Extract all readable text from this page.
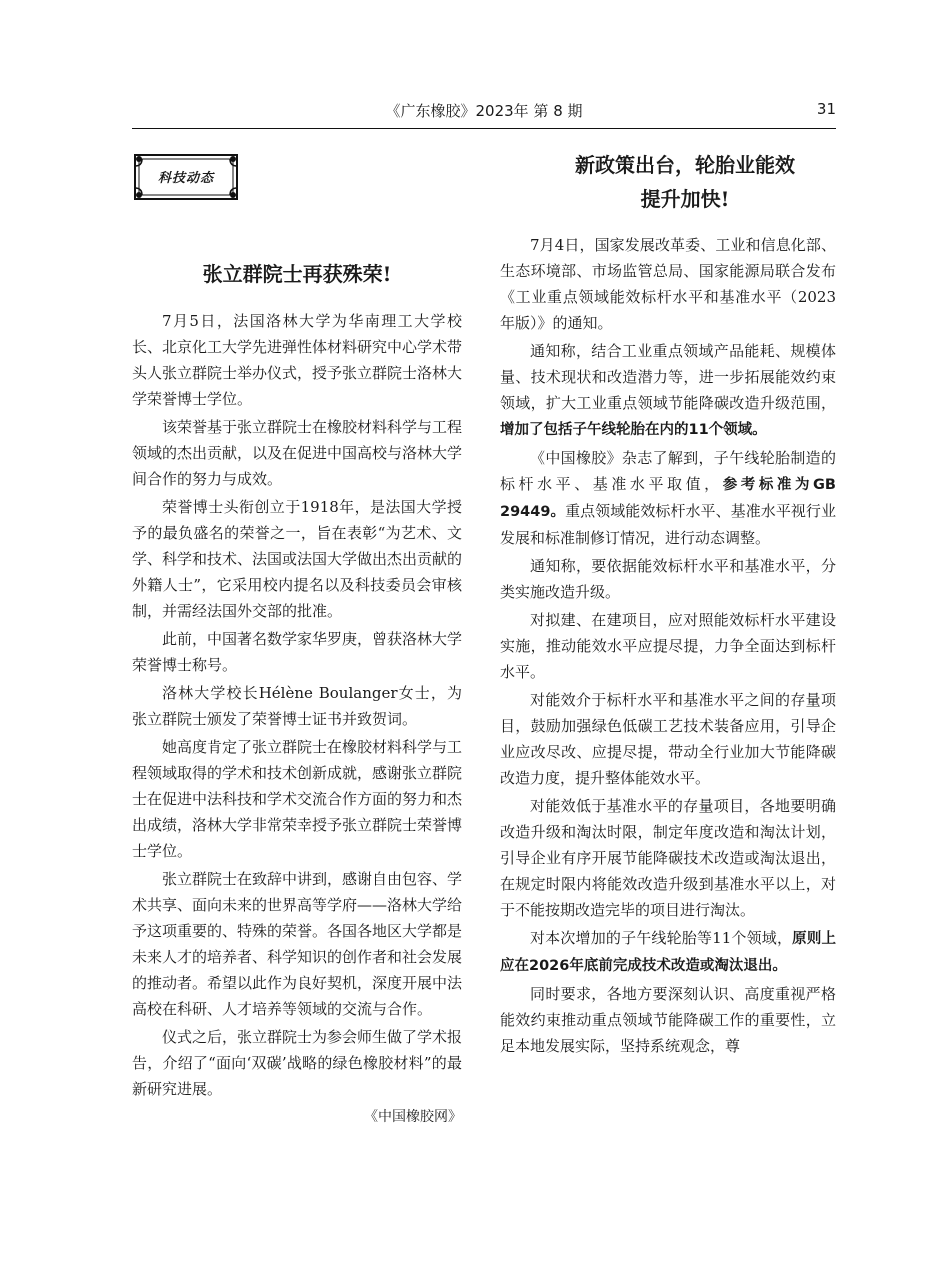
《广东橡胶》2023年 第 8 期	31
科技动态
新政策出台，轮胎业能效
提升加快!
张立群院士再获殊荣!

7月5日，法国洛林大学为华南理工大学校长、北京化工大学先进弹性体材料研究中心学术带头人张立群院士举办仪式，授予张立群院士洛林大学荣誉博士学位。

该荣誉基于张立群院士在橡胶材料科学与工程领域的杰出贡献，以及在促进中国高校与洛林大学间合作的努力与成效。

荣誉博士头衔创立于1918年，是法国大学授予的最负盛名的荣誉之一，旨在表彰“为艺术、文学、科学和技术、法国或法国大学做出杰出贡献的外籍人士”，它采用校内提名以及科技委员会审核制，并需经法国外交部的批准。

此前，中国著名数学家华罗庚，曾获洛林大学荣誉博士称号。

洛林大学校长Hélène Boulanger女士，为张立群院士颁发了荣誉博士证书并致贺词。

她高度肯定了张立群院士在橡胶材料科学与工程领域取得的学术和技术创新成就，感谢张立群院士在促进中法科技和学术交流合作方面的努力和杰出成绩，洛林大学非常荣幸授予张立群院士荣誉博士学位。

张立群院士在致辞中讲到，感谢自由包容、学术共享、面向未来的世界高等学府——洛林大学给予这项重要的、特殊的荣誉。各国各地区大学都是未来人才的培养者、科学知识的创作者和社会发展的推动者。希望以此作为良好契机，深度开展中法高校在科研、人才培养等领域的交流与合作。

仪式之后，张立群院士为参会师生做了学术报告，介绍了“面向‘双碳’战略的绿色橡胶材料”的最新研究进展。

《中国橡胶网》

7月4日，国家发展改革委、工业和信息化部、生态环境部、市场监管总局、国家能源局联合发布《工业重点领域能效标杆水平和基准水平（2023年版）》的通知。

通知称，结合工业重点领域产品能耗、规模体量、技术现状和改造潜力等，进一步拓展能效约束领域，扩大工业重点领域节能降碳改造升级范围，增加了包括子午线轮胎在内的11个领域。

《中国橡胶》杂志了解到，子午线轮胎制造的标杆水平、基准水平取值，参考标准为GB 29449。重点领域能效标杆水平、基准水平视行业发展和标准制修订情况，进行动态调整。

通知称，要依据能效标杆水平和基准水平，分类实施改造升级。

对拟建、在建项目，应对照能效标杆水平建设实施，推动能效水平应提尽提，力争全面达到标杆水平。

对能效介于标杆水平和基准水平之间的存量项目，鼓励加强绿色低碳工艺技术装备应用，引导企业应改尽改、应提尽提，带动全行业加大节能降碳改造力度，提升整体能效水平。

对能效低于基准水平的存量项目，各地要明确改造升级和淘汰时限，制定年度改造和淘汰计划，引导企业有序开展节能降碳技术改造或淘汰退出，在规定时限内将能效改造升级到基准水平以上，对于不能按期改造完毕的项目进行淘汰。

对本次增加的子午线轮胎等11个领域，原则上应在2026年底前完成技术改造或淘汰退出。

同时要求，各地方要深刻认识、高度重视严格能效约束推动重点领域节能降碳工作的重要性，立足本地发展实际，坚持系统观念，尊
